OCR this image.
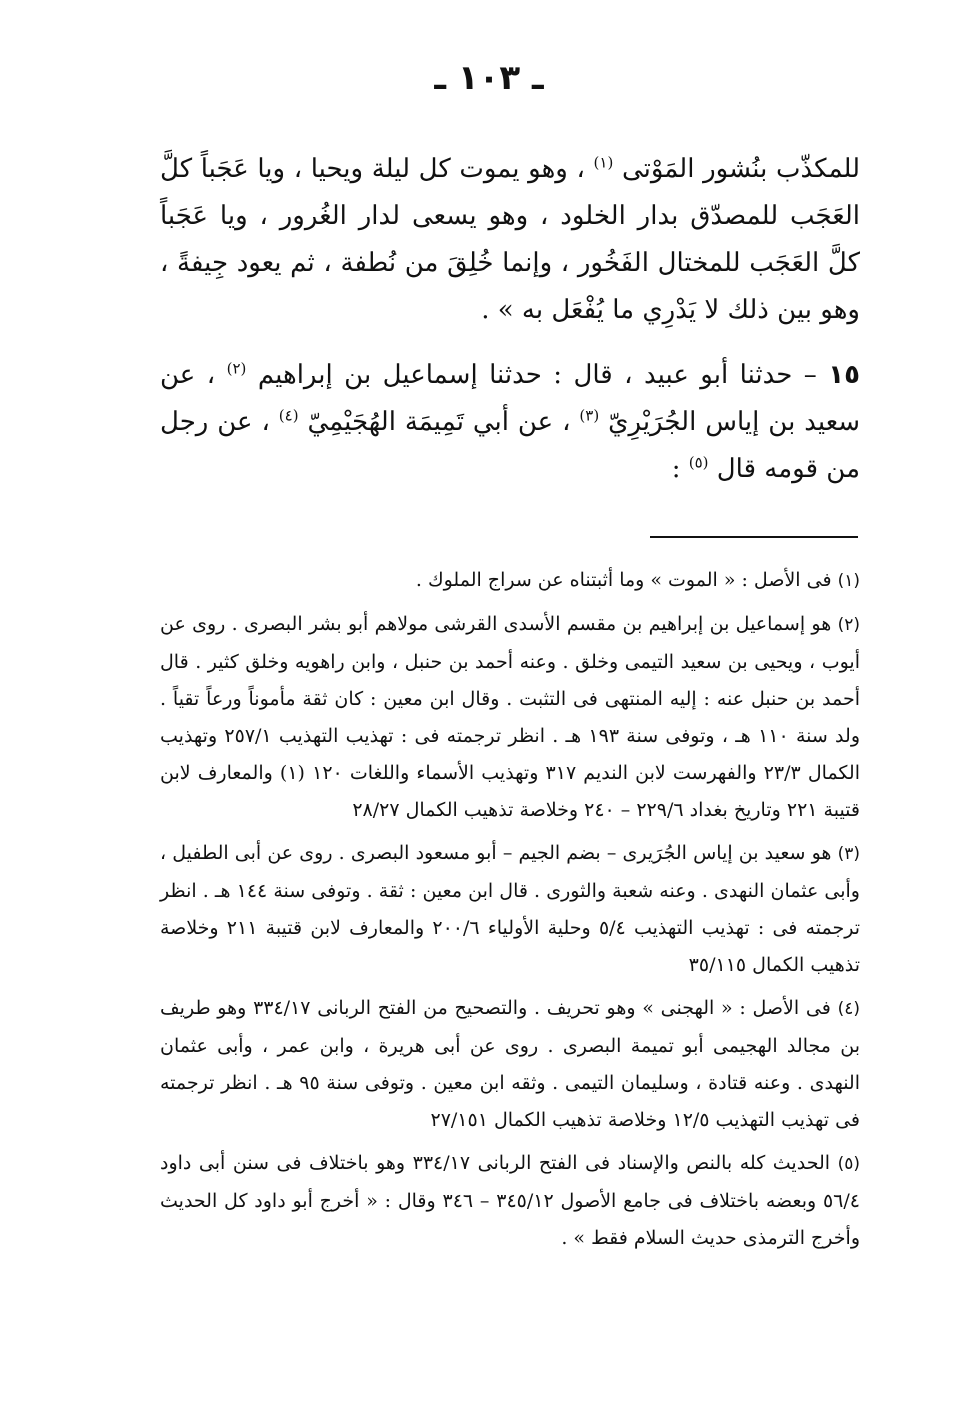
ـ ١٠٣ ـ

للمكذّب بنُشور المَوْتى $^{(١)}$ ، وهو يموت كل ليلة ويحيا ، ويا عَجَباً كلَّ العَجَب للمصدّق بدار الخلود ، وهو يسعى لدار الغُرور ، ويا عَجَباً كلَّ العَجَب للمختال الفَخُور ، وإنما خُلِقَ من نُطفة ، ثم يعود جِيفةً ، وهو بين ذلك لا يَدْرِي ما يُفْعَل به » .

١٥ – حدثنا أبو عبيد ، قال : حدثنا إسماعيل بن إبراهيم $^{(٢)}$ ، عن سعيد بن إياس الجُرَيْرِيّ $^{(٣)}$ ، عن أبي تَمِيمَة الهُجَيْمِيّ $^{(٤)}$ ، عن رجل من قومه قال $^{(٥)}$ :

(١) فى الأصل : « الموت » وما أثبتناه عن سراج الملوك .

(٢) هو إسماعيل بن إبراهيم بن مقسم الأسدى القرشى مولاهم أبو بشر البصرى . روى عن أيوب ، ويحيى بن سعيد التيمى وخلق . وعنه أحمد بن حنبل ، وابن راهويه وخلق كثير . قال أحمد بن حنبل عنه : إليه المنتهى فى التثبت . وقال ابن معين : كان ثقة مأموناً ورعاً تقياً . ولد سنة ١١٠ هـ ، وتوفى سنة ١٩٣ هـ . انظر ترجمته فى : تهذيب التهذيب ٢٥٧/١ وتهذيب الكمال ٢٣/٣ والفهرست لابن النديم ٣١٧ وتهذيب الأسماء واللغات ١٢٠ (١) والمعارف لابن قتيبة ٢٢١ وتاريخ بغداد ٢٢٩/٦ – ٢٤٠ وخلاصة تذهيب الكمال ٢٨/٢٧

(٣) هو سعيد بن إياس الجُرَيرى – بضم الجيم – أبو مسعود البصرى . روى عن أبى الطفيل ، وأبى عثمان النهدى . وعنه شعبة والثورى . قال ابن معين : ثقة . وتوفى سنة ١٤٤ هـ . انظر ترجمته فى : تهذيب التهذيب ٥/٤ وحلية الأولياء ٢٠٠/٦ والمعارف لابن قتيبة ٢١١ وخلاصة تذهيب الكمال ٣٥/١١٥

(٤) فى الأصل : « الهجنى » وهو تحريف . والتصحيح من الفتح الربانى ٣٣٤/١٧ وهو طريف بن مجالد الهجيمى أبو تميمة البصرى . روى عن أبى هريرة ، وابن عمر ، وأبى عثمان النهدى . وعنه قتادة ، وسليمان التيمى . وثقه ابن معين . وتوفى سنة ٩٥ هـ . انظر ترجمته فى تهذيب التهذيب ١٢/٥ وخلاصة تذهيب الكمال ٢٧/١٥١

(٥) الحديث كله بالنص والإسناد فى الفتح الربانى ٣٣٤/١٧ وهو باختلاف فى سنن أبى داود ٥٦/٤ وبعضه باختلاف فى جامع الأصول ٣٤٥/١٢ – ٣٤٦ وقال : « أخرج أبو داود كل الحديث وأخرج الترمذى حديث السلام فقط » .
